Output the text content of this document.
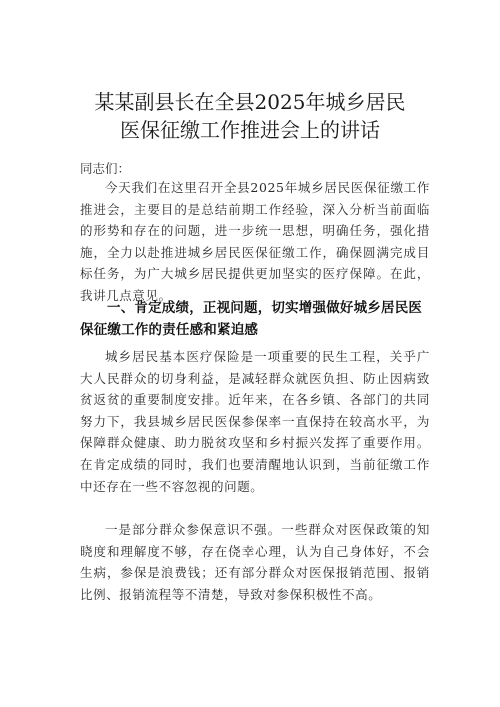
某某副县长在全县2025年城乡居民
医保征缴工作推进会上的讲话
同志们：

今天我们在这里召开全县2025年城乡居民医保征缴工作推进会，主要目的是总结前期工作经验，深入分析当前面临的形势和存在的问题，进一步统一思想，明确任务，强化措施，全力以赴推进城乡居民医保征缴工作，确保圆满完成目标任务，为广大城乡居民提供更加坚实的医疗保障。在此，我讲几点意见。

一、肯定成绩，正视问题，切实增强做好城乡居民医保征缴工作的责任感和紧迫感

城乡居民基本医疗保险是一项重要的民生工程，关乎广大人民群众的切身利益，是减轻群众就医负担、防止因病致贫返贫的重要制度安排。近年来，在各乡镇、各部门的共同努力下，我县城乡居民医保参保率一直保持在较高水平，为保障群众健康、助力脱贫攻坚和乡村振兴发挥了重要作用。在肯定成绩的同时，我们也要清醒地认识到，当前征缴工作中还存在一些不容忽视的问题。

一是部分群众参保意识不强。一些群众对医保政策的知晓度和理解度不够，存在侥幸心理，认为自己身体好，不会生病，参保是浪费钱；还有部分群众对医保报销范围、报销比例、报销流程等不清楚，导致对参保积极性不高。
